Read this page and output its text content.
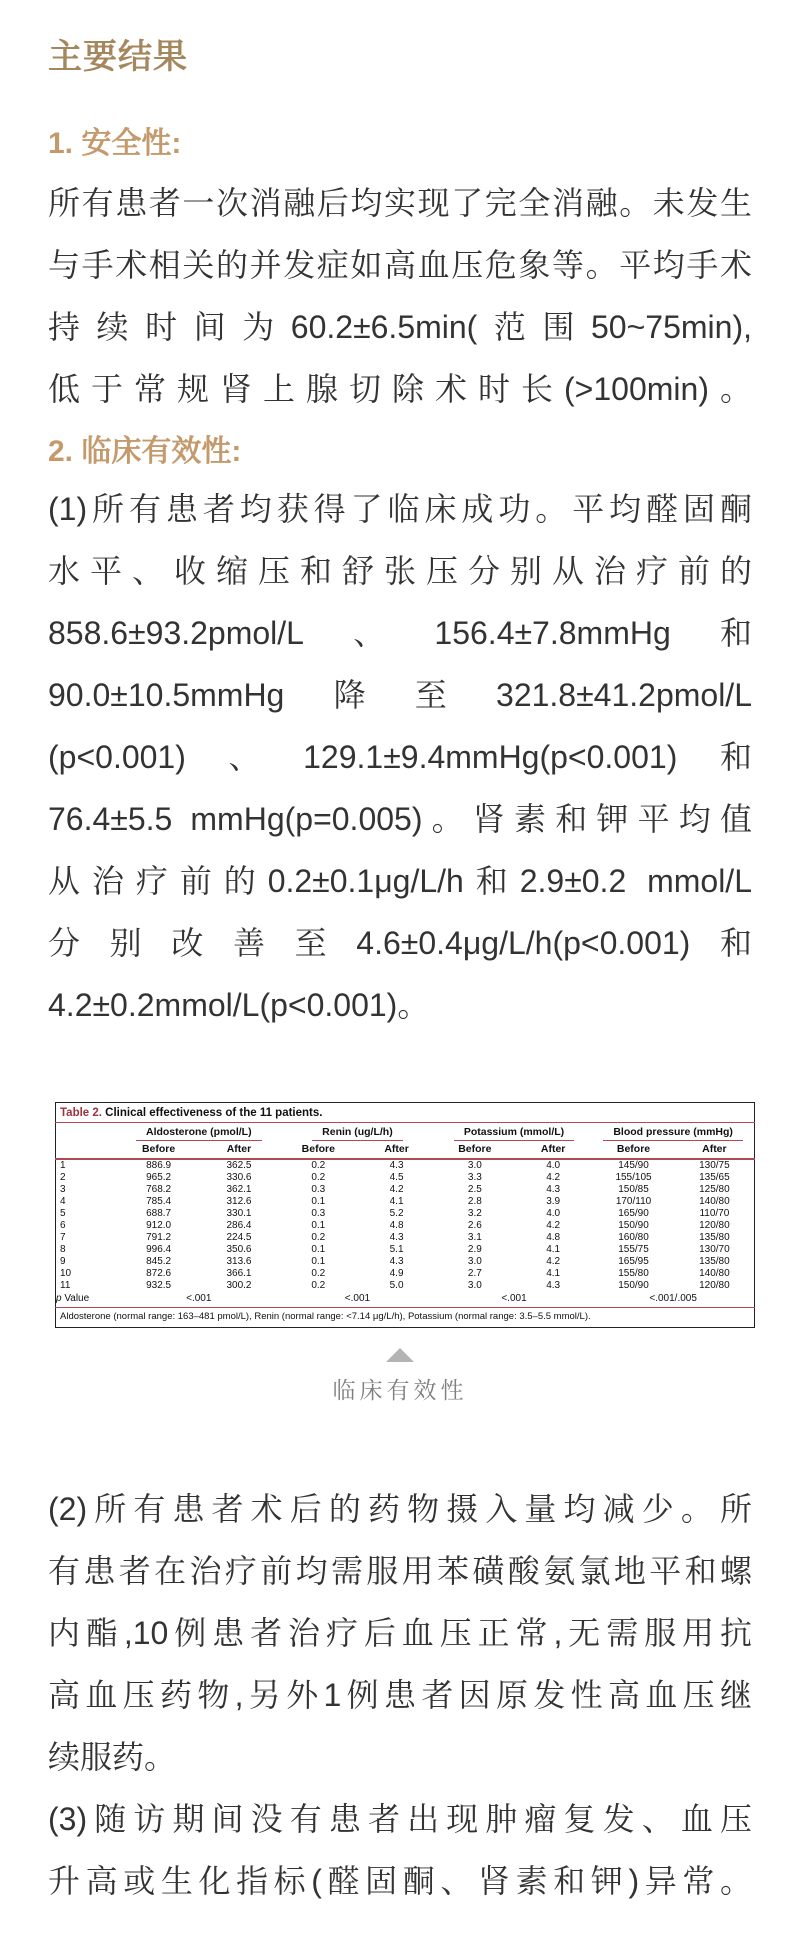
主要结果
1. 安全性:
所有患者一次消融后均实现了完全消融。未发生
与手术相关的并发症如高血压危象等。平均手术
持续时间为60.2±6.5min(范围50~75min),
低于常规肾上腺切除术时长(>100min)。
2. 临床有效性:
(1)所有患者均获得了临床成功。平均醛固酮
水平、收缩压和舒张压分别从治疗前的
858.6±93.2pmol/L、156.4±7.8mmHg和
90.0±10.5mmHg降至321.8±41.2pmol/L
(p<0.001)、129.1±9.4mmHg(p<0.001)和
76.4±5.5 mmHg(p=0.005)。肾素和钾平均值
从治疗前的0.2±0.1μg/L/h和2.9±0.2 mmol/L
分别改善至4.6±0.4μg/L/h(p<0.001)和
4.2±0.2mmol/L(p<0.001)。
Table 2. Clinical effectiveness of the 11 patients.								
	Aldosterone (pmol/L)		Renin (ug/L/h)		Potassium (mmol/L)		Blood pressure (mmHg)	
	Before	After	Before	After	Before	After	Before	After
1	886.9	362.5	0.2	4.3	3.0	4.0	145/90	130/75
2	965.2	330.6	0.2	4.5	3.3	4.2	155/105	135/65
3	768.2	362.1	0.3	4.2	2.5	4.3	150/85	125/80
4	785.4	312.6	0.1	4.1	2.8	3.9	170/110	140/80
5	688.7	330.1	0.3	5.2	3.2	4.0	165/90	110/70
6	912.0	286.4	0.1	4.8	2.6	4.2	150/90	120/80
7	791.2	224.5	0.2	4.3	3.1	4.8	160/80	135/80
8	996.4	350.6	0.1	5.1	2.9	4.1	155/75	130/70
9	845.2	313.6	0.1	4.3	3.0	4.2	165/95	135/80
10	872.6	366.1	0.2	4.9	2.7	4.1	155/80	140/80
11	932.5	300.2	0.2	5.0	3.0	4.3	150/90	120/80
p Value	<.001		<.001		<.001		<.001/.005	
Aldosterone (normal range: 163–481 pmol/L), Renin (normal range: <7.14 μg/L/h), Potassium (normal range: 3.5–5.5 mmol/L).								
临床有效性
(2)所有患者术后的药物摄入量均减少。所
有患者在治疗前均需服用苯磺酸氨氯地平和螺
内酯,10例患者治疗后血压正常,无需服用抗
高血压药物,另外1例患者因原发性高血压继
续服药。
(3)随访期间没有患者出现肿瘤复发、血压
升高或生化指标(醛固酮、肾素和钾)异常。
